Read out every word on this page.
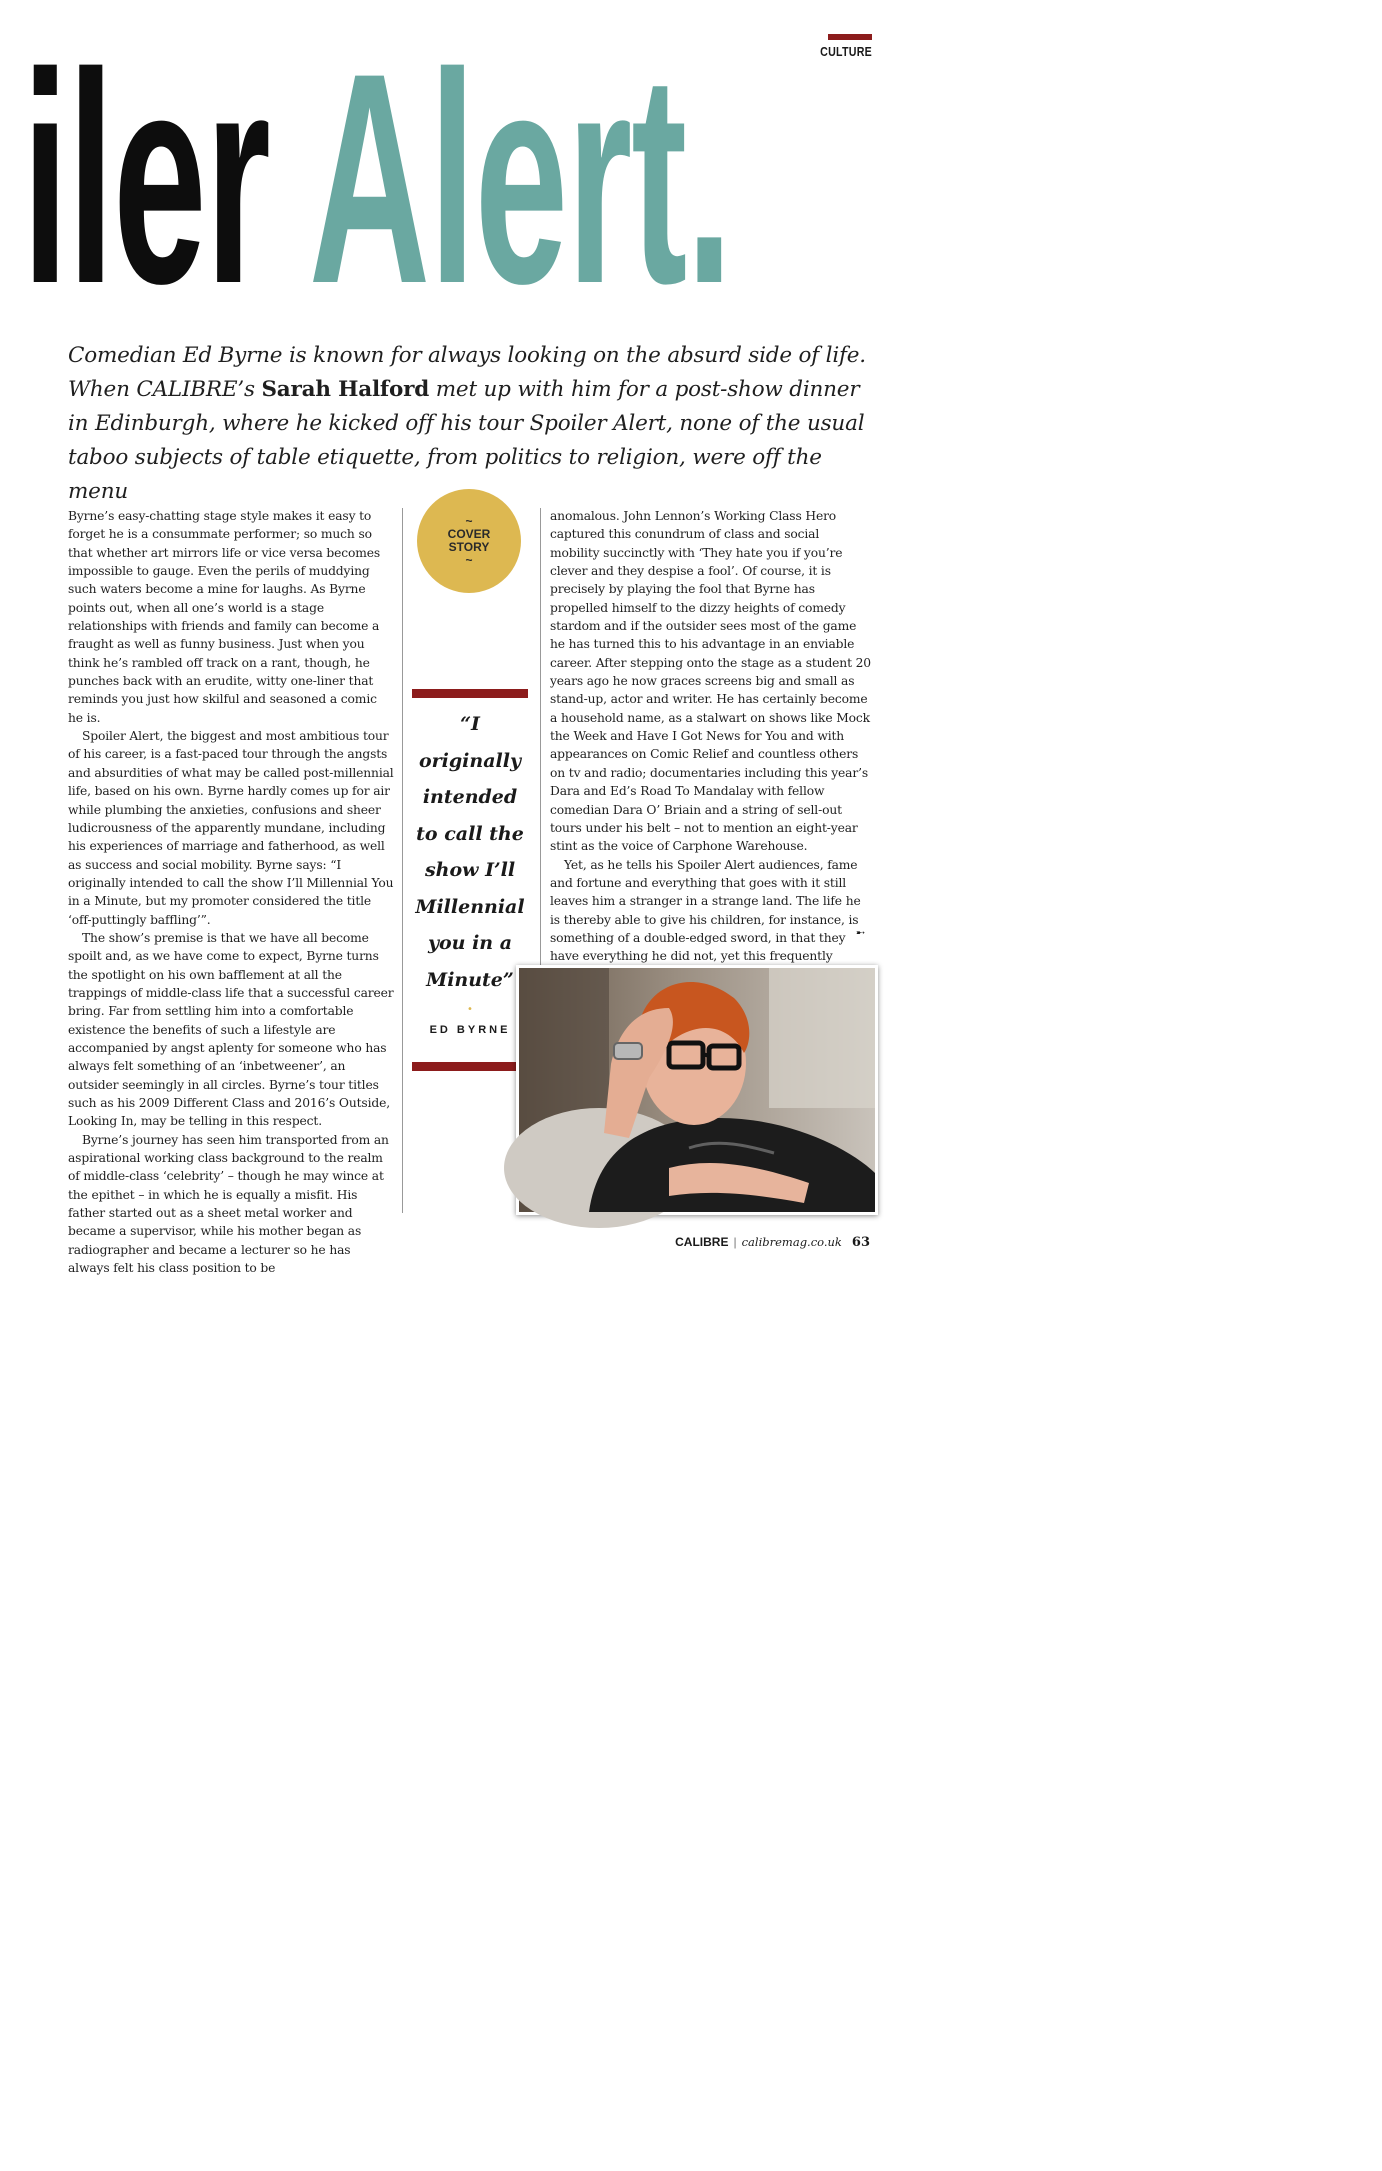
CULTURE
iler Alert.
Comedian Ed Byrne is known for always looking on the absurd side of life. When CALIBRE’s Sarah Halford met up with him for a post-show dinner in Edinburgh, where he kicked off his tour Spoiler Alert, none of the usual taboo subjects of table etiquette, from politics to religion, were off the menu

Byrne’s easy-chatting stage style makes it easy to forget he is a consummate performer; so much so that whether art mirrors life or vice versa becomes impossible to gauge. Even the perils of muddying such waters become a mine for laughs. As Byrne points out, when all one’s world is a stage relationships with friends and family can become a fraught as well as funny business. Just when you think he’s rambled off track on a rant, though, he punches back with an erudite, witty one-liner that reminds you just how skilful and seasoned a comic he is.

Spoiler Alert, the biggest and most ambitious tour of his career, is a fast-paced tour through the angsts and absurdities of what may be called post-millennial life, based on his own. Byrne hardly comes up for air while plumbing the anxieties, confusions and sheer ludicrousness of the apparently mundane, including his experiences of marriage and fatherhood, as well as success and social mobility. Byrne says: “I originally intended to call the show I’ll Millennial You in a Minute, but my promoter considered the title ‘off-puttingly baffling’”.

The show’s premise is that we have all become spoilt and, as we have come to expect, Byrne turns the spotlight on his own bafflement at all the trappings of middle-class life that a successful career bring. Far from settling him into a comfortable existence the benefits of such a lifestyle are accompanied by angst aplenty for someone who has always felt something of an ‘inbetweener’, an outsider seemingly in all circles. Byrne’s tour titles such as his 2009 Different Class and 2016’s Outside, Looking In, may be telling in this respect.

Byrne’s journey has seen him transported from an aspirational working class background to the realm of middle-class ‘celebrity’ – though he may wince at the epithet – in which he is equally a misfit. His father started out as a sheet metal worker and became a supervisor, while his mother began as radiographer and became a lecturer so he has always felt his class position to be

~
COVER
STORY
~
“I
originally
intended
to call the
show I’ll
Millennial
you in a
Minute”
•
ED BYRNE

anomalous. John Lennon’s Working Class Hero captured this conundrum of class and social mobility succinctly with ‘They hate you if you’re clever and they despise a fool’. Of course, it is precisely by playing the fool that Byrne has propelled himself to the dizzy heights of comedy stardom and if the outsider sees most of the game he has turned this to his advantage in an enviable career. After stepping onto the stage as a student 20 years ago he now graces screens big and small as stand-up, actor and writer. He has certainly become a household name, as a stalwart on shows like Mock the Week and Have I Got News for You and with appearances on Comic Relief and countless others on tv and radio; documentaries including this year’s Dara and Ed’s Road To Mandalay with fellow comedian Dara O’ Briain and a string of sell-out tours under his belt – not to mention an eight-year stint as the voice of Carphone Warehouse.

Yet, as he tells his Spoiler Alert audiences, fame and fortune and everything that goes with it still leaves him a stranger in a strange land. The life he is thereby able to give his children, for instance, is something of a double-edged sword, in that they have everything he did not, yet this frequently

➸
Image: Courtesy of Rosyn Gauld
CALIBRE | calibremag.co.uk 63
